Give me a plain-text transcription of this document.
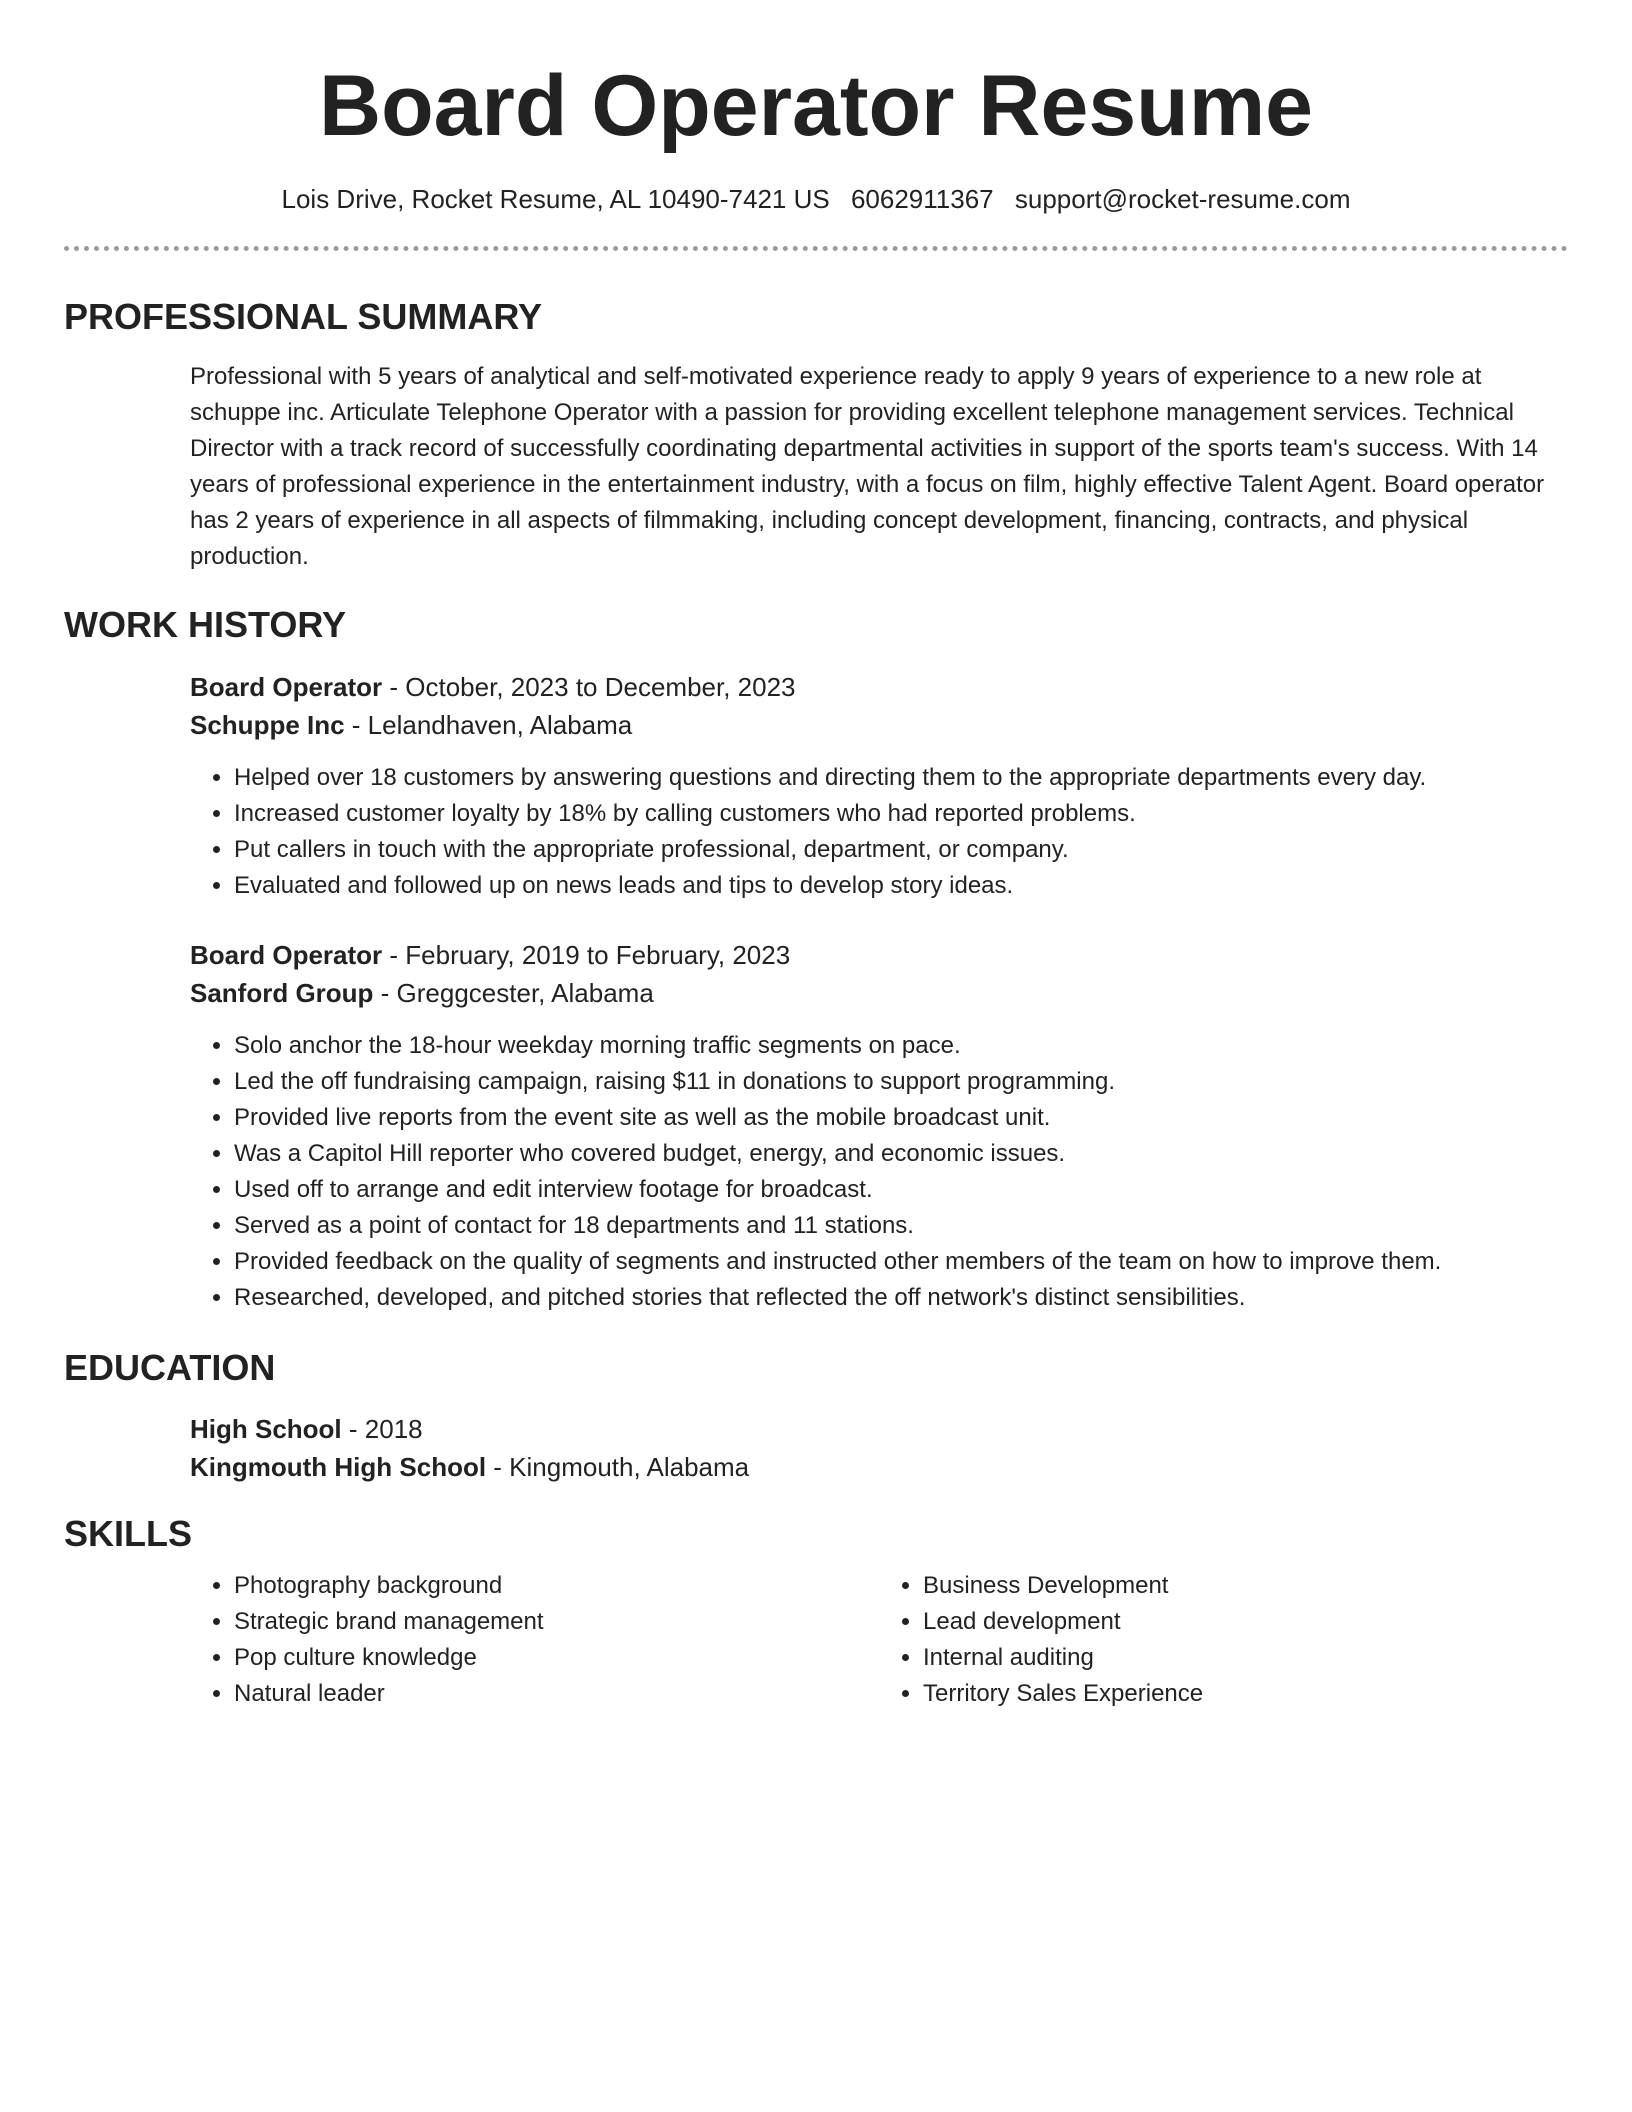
Board Operator Resume
Lois Drive, Rocket Resume, AL 10490-7421 US 6062911367 support@rocket-resume.com
PROFESSIONAL SUMMARY

Professional with 5 years of analytical and self-motivated experience ready to apply 9 years of experience to a new role at schuppe inc. Articulate Telephone Operator with a passion for providing excellent telephone management services. Technical Director with a track record of successfully coordinating departmental activities in support of the sports team's success. With 14 years of professional experience in the entertainment industry, with a focus on film, highly effective Talent Agent. Board operator has 2 years of experience in all aspects of filmmaking, including concept development, financing, contracts, and physical production.

WORK HISTORY
Board Operator - October, 2023 to December, 2023
Schuppe Inc - Lelandhaven, Alabama
• Helped over 18 customers by answering questions and directing them to the appropriate departments every day.
• Increased customer loyalty by 18% by calling customers who had reported problems.
• Put callers in touch with the appropriate professional, department, or company.
• Evaluated and followed up on news leads and tips to develop story ideas.
Board Operator - February, 2019 to February, 2023
Sanford Group - Greggcester, Alabama
• Solo anchor the 18-hour weekday morning traffic segments on pace.
• Led the off fundraising campaign, raising $11 in donations to support programming.
• Provided live reports from the event site as well as the mobile broadcast unit.
• Was a Capitol Hill reporter who covered budget, energy, and economic issues.
• Used off to arrange and edit interview footage for broadcast.
• Served as a point of contact for 18 departments and 11 stations.
• Provided feedback on the quality of segments and instructed other members of the team on how to improve them.
• Researched, developed, and pitched stories that reflected the off network's distinct sensibilities.
EDUCATION
High School - 2018
Kingmouth High School - Kingmouth, Alabama
SKILLS
• Photography background
• Strategic brand management
• Pop culture knowledge
• Natural leader
• Business Development
• Lead development
• Internal auditing
• Territory Sales Experience
